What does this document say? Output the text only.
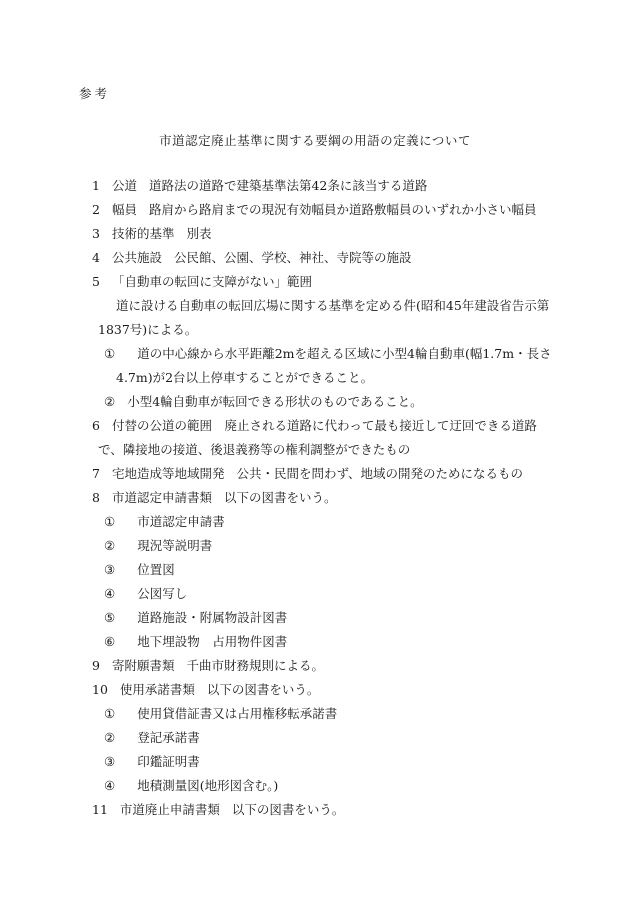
参考
市道認定廃止基準に関する要綱の用語の定義について
1 公道 道路法の道路で建築基準法第42条に該当する道路
2 幅員 路肩から路肩までの現況有効幅員か道路敷幅員のいずれか小さい幅員
3 技術的基準 別表
4 公共施設 公民館、公園、学校、神社、寺院等の施設
5 「自動車の転回に支障がない」範囲
道に設ける自動車の転回広場に関する基準を定める件(昭和45年建設省告示第
1837号)による。
① 道の中心線から水平距離2mを超える区域に小型4輪自動車(幅1.7m・長さ
4.7m)が2台以上停車することができること。
② 小型4輪自動車が転回できる形状のものであること。
6 付替の公道の範囲　廃止される道路に代わって最も接近して迂回できる道路
で、隣接地の接道、後退義務等の権利調整ができたもの
7 宅地造成等地域開発 公共・民間を問わず、地域の開発のためになるもの
8 市道認定申請書類 以下の図書をいう。
① 市道認定申請書
② 現況等説明書
③ 位置図
④ 公図写し
⑤ 道路施設・附属物設計図書
⑥ 地下埋設物　占用物件図書
9 寄附願書類 千曲市財務規則による。
10 使用承諾書類 以下の図書をいう。
① 使用貸借証書又は占用権移転承諾書
② 登記承諾書
③ 印鑑証明書
④ 地積測量図(地形図含む。)
11 市道廃止申請書類 以下の図書をいう。
